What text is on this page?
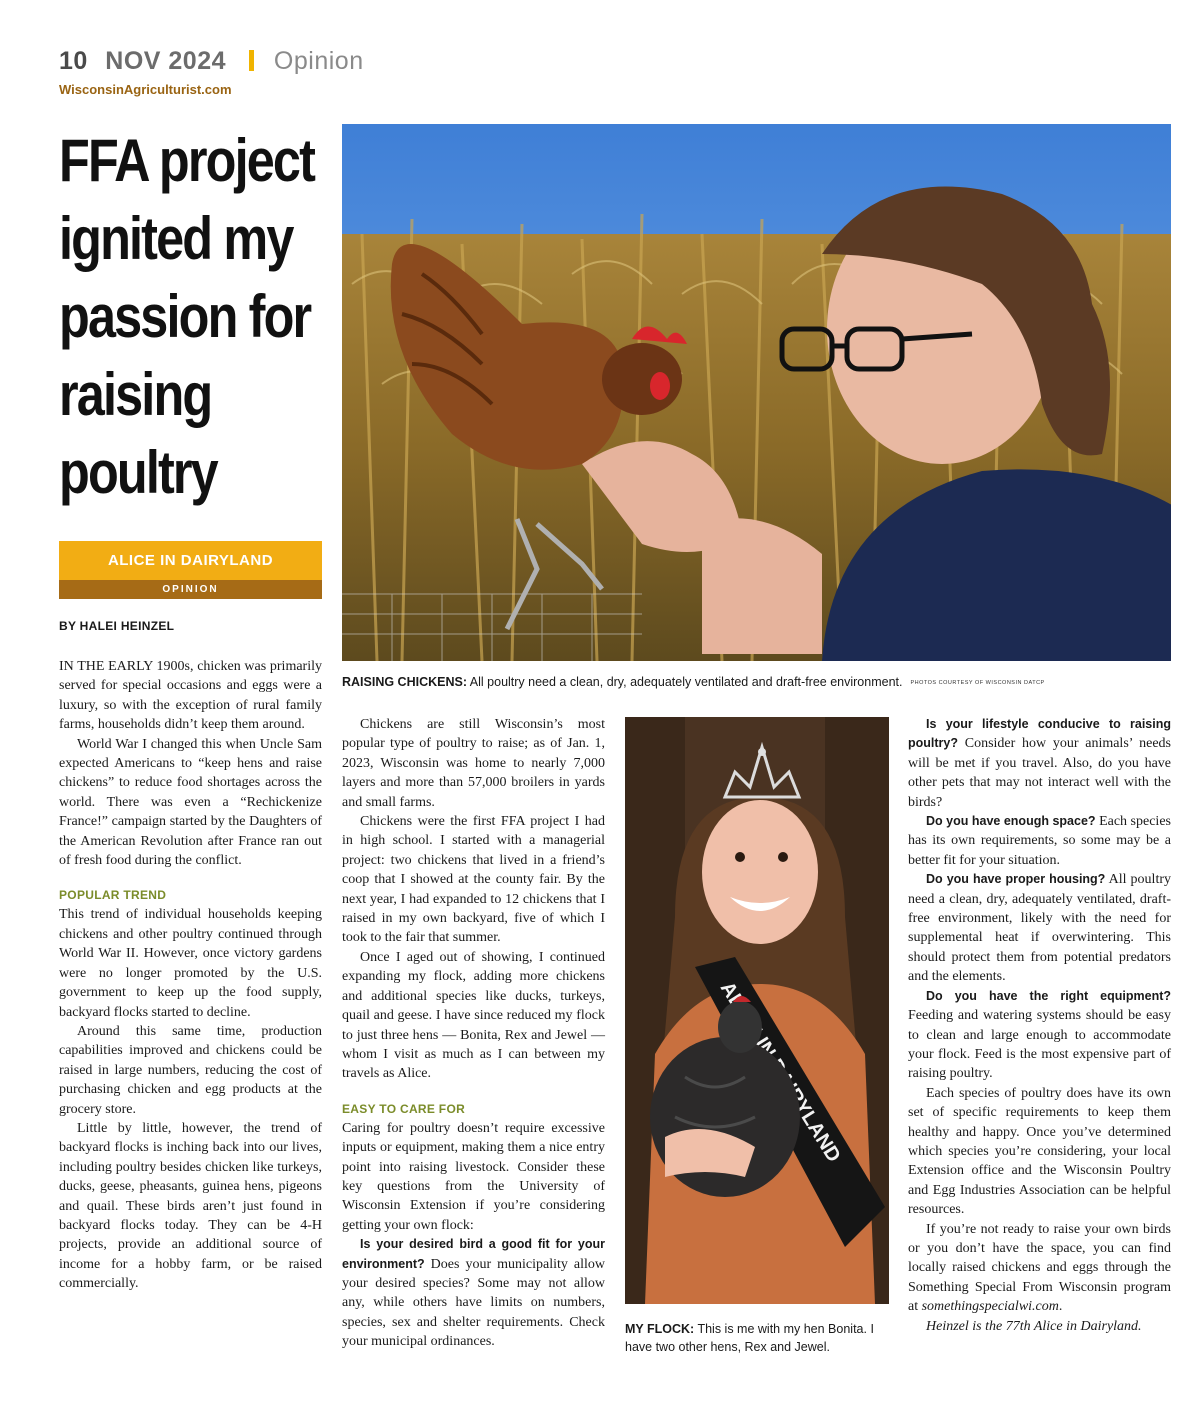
10 NOV 2024 Opinion
WisconsinAgriculturist.com
FFA project ignited my passion for raising poultry
ALICE IN DAIRYLAND
OPINION
BY HALEI HEINZEL

IN THE EARLY 1900s, chicken was primarily served for special occasions and eggs were a luxury, so with the exception of rural family farms, households didn’t keep them around.

World War I changed this when Uncle Sam expected Americans to “keep hens and raise chickens” to reduce food shortages across the world. There was even a “Rechickenize France!” campaign started by the Daughters of the American Revolution after France ran out of fresh food during the conflict.

POPULAR TREND

This trend of individual households keeping chickens and other poultry continued through World War II. However, once victory gardens were no longer promoted by the U.S. government to keep up the food supply, backyard flocks started to decline.

Around this same time, production capabilities improved and chickens could be raised in large numbers, reducing the cost of purchasing chicken and egg products at the grocery store.

Little by little, however, the trend of backyard flocks is inching back into our lives, including poultry besides chicken like turkeys, ducks, geese, pheasants, guinea hens, pigeons and quail. These birds aren’t just found in backyard flocks today. They can be 4-H projects, provide an additional source of income for a hobby farm, or be raised commercially.

RAISING CHICKENS: All poultry need a clean, dry, adequately ventilated and draft-free environment. PHOTOS COURTESY OF WISCONSIN DATCP

Chickens are still Wisconsin’s most popular type of poultry to raise; as of Jan. 1, 2023, Wisconsin was home to nearly 7,000 layers and more than 57,000 broilers in yards and small farms.

Chickens were the first FFA project I had in high school. I started with a managerial project: two chickens that lived in a friend’s coop that I showed at the county fair. By the next year, I had expanded to 12 chickens that I raised in my own backyard, five of which I took to the fair that summer.

Once I aged out of showing, I continued expanding my flock, adding more chickens and additional species like ducks, turkeys, quail and geese. I have since reduced my flock to just three hens — Bonita, Rex and Jewel — whom I visit as much as I can between my travels as Alice.

EASY TO CARE FOR

Caring for poultry doesn’t require excessive inputs or equipment, making them a nice entry point into raising livestock. Consider these key questions from the University of Wisconsin Extension if you’re considering getting your own flock:

Is your desired bird a good fit for your environment? Does your municipality allow your desired species? Some may not allow any, while others have limits on numbers, species, sex and shelter requirements. Check your municipal ordinances.

IN DAIRYLAND
MY FLOCK: This is me with my hen Bonita. I have two other hens, Rex and Jewel.

Is your lifestyle conducive to raising poultry? Consider how your animals’ needs will be met if you travel. Also, do you have other pets that may not interact well with the birds?

Do you have enough space? Each species has its own requirements, so some may be a better fit for your situation.

Do you have proper housing? All poultry need a clean, dry, adequately ventilated, draft-free environment, likely with the need for supplemental heat if overwintering. This should protect them from potential predators and the elements.

Do you have the right equipment? Feeding and watering systems should be easy to clean and large enough to accommodate your flock. Feed is the most expensive part of raising poultry.

Each species of poultry does have its own set of specific requirements to keep them healthy and happy. Once you’ve determined which species you’re considering, your local Extension office and the Wisconsin Poultry and Egg Industries Association can be helpful resources.

If you’re not ready to raise your own birds or you don’t have the space, you can find locally raised chickens and eggs through the Something Special From Wisconsin program at somethingspecialwi.com.

Heinzel is the 77th Alice in Dairyland.
